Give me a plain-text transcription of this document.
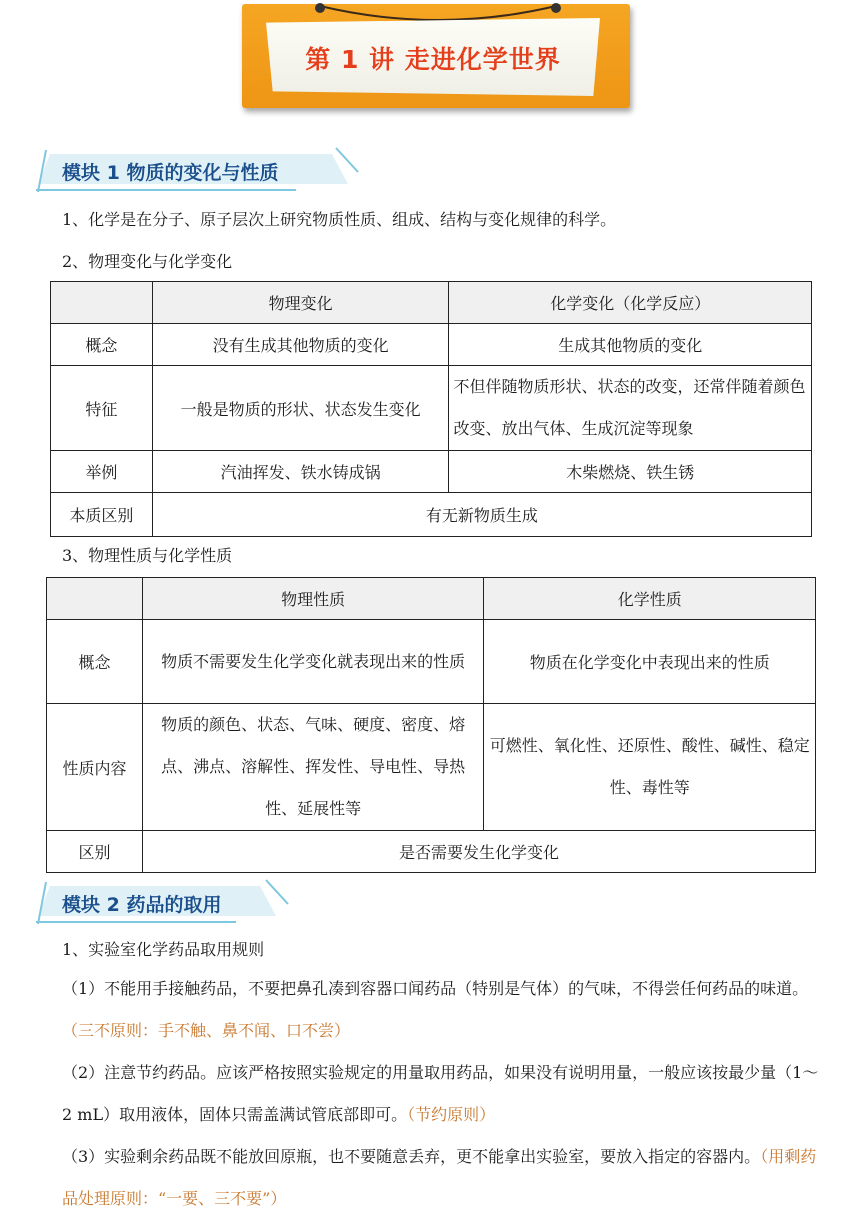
第 1 讲 走进化学世界
模块 1 物质的变化与性质
1、化学是在分子、原子层次上研究物质性质、组成、结构与变化规律的科学。
2、物理变化与化学变化
	物理变化	化学变化（化学反应）
概念	没有生成其他物质的变化	生成其他物质的变化
特征	一般是物质的形状、状态发生变化	不但伴随物质形状、状态的改变，还常伴随着颜色改变、放出气体、生成沉淀等现象
举例	汽油挥发、铁水铸成锅	木柴燃烧、铁生锈
本质区别	有无新物质生成	
3、物理性质与化学性质
	物理性质	化学性质
概念	物质不需要发生化学变化就表现出来的性质	物质在化学变化中表现出来的性质
性质内容	物质的颜色、状态、气味、硬度、密度、熔点、沸点、溶解性、挥发性、导电性、导热性、延展性等	可燃性、氧化性、还原性、酸性、碱性、稳定性、毒性等
区别	是否需要发生化学变化	
模块 2 药品的取用
1、实验室化学药品取用规则
（1）不能用手接触药品，不要把鼻孔凑到容器口闻药品（特别是气体）的气味，不得尝任何药品的味道。（三不原则：手不触、鼻不闻、口不尝）
（2）注意节约药品。应该严格按照实验规定的用量取用药品，如果没有说明用量，一般应该按最少量（1～2 mL）取用液体，固体只需盖满试管底部即可。（节约原则）
（3）实验剩余药品既不能放回原瓶，也不要随意丢弃，更不能拿出实验室，要放入指定的容器内。（用剩药品处理原则：“一要、三不要”）
